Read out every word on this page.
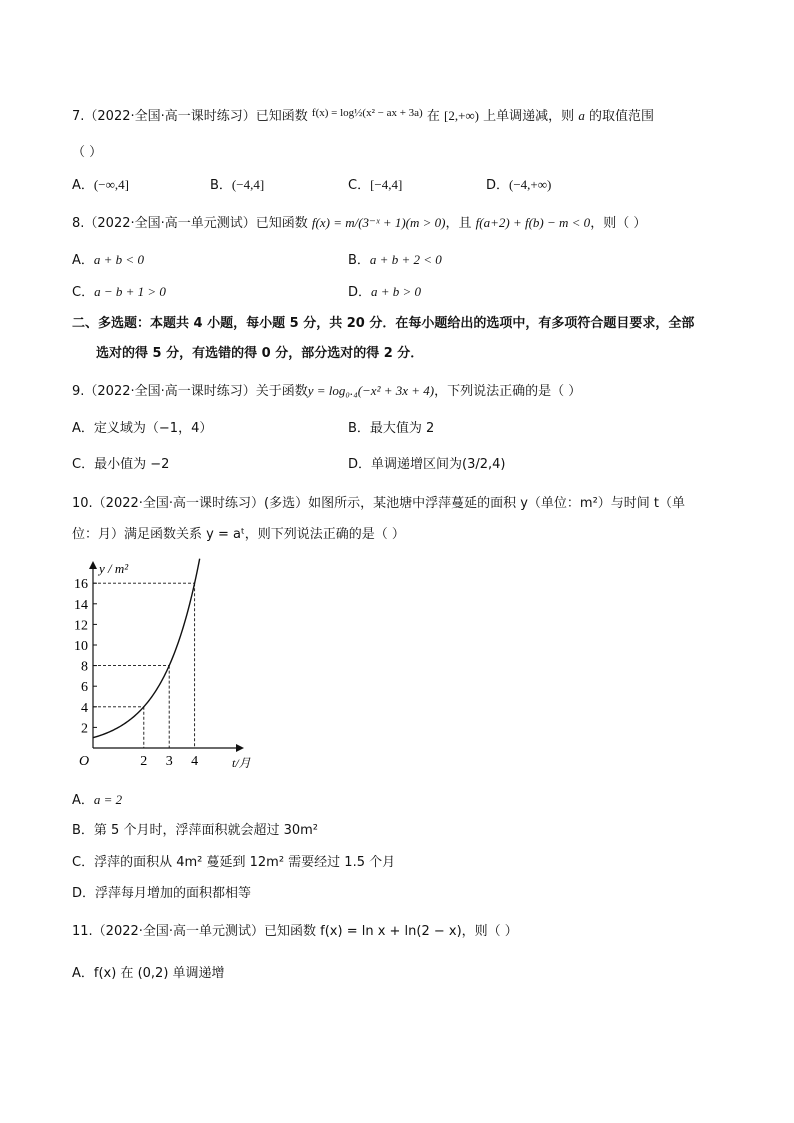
7.（2022·全国·高一课时练习）已知函数 $^{f(x) = log\frac{1}{2}(x^2 - ax + 3a)}$ 在 [2,+∞) 上单调递减，则 a 的取值范围
（ ）
A．(−∞,4]	B．(−4,4]	C．[−4,4]	D．(−4,+∞)
8.（2022·全国·高一单元测试）已知函数 f(x) = m/(3⁻ˣ + 1)(m > 0)，且 f(a+2) + f(b) − m < 0，则（ ）
A．a + b < 0	B．a + b + 2 < 0
C．a − b + 1 > 0	D．a + b > 0
二、多选题：本题共 4 小题，每小题 5 分，共 20 分．在每小题给出的选项中，有多项符合题目要求，全部
选对的得 5 分，有选错的得 0 分，部分选对的得 2 分．
9.（2022·全国·高一课时练习）关于函数y = log₀.₄(−x² + 3x + 4)，下列说法正确的是（ ）
A．定义域为（−1，4）	B．最大值为 2
C．最小值为 −2	D．单调递增区间为(3/2,4)
10.（2022·全国·高一课时练习）(多选）如图所示，某池塘中浮萍蔓延的面积 y（单位：m²）与时间 t（单
位：月）满足函数关系 y = aᵗ，则下列说法正确的是（ ）
2
4
6
8
10
12
14
16
2 3 4
O	t/月
y / m²
A．a = 2
B．第 5 个月时，浮萍面积就会超过 30m²
C．浮萍的面积从 4m² 蔓延到 12m² 需要经过 1.5 个月
D．浮萍每月增加的面积都相等
11.（2022·全国·高一单元测试）已知函数 f(x) = ln x + ln(2 − x)，则（ ）
A．f(x) 在 (0,2) 单调递增
